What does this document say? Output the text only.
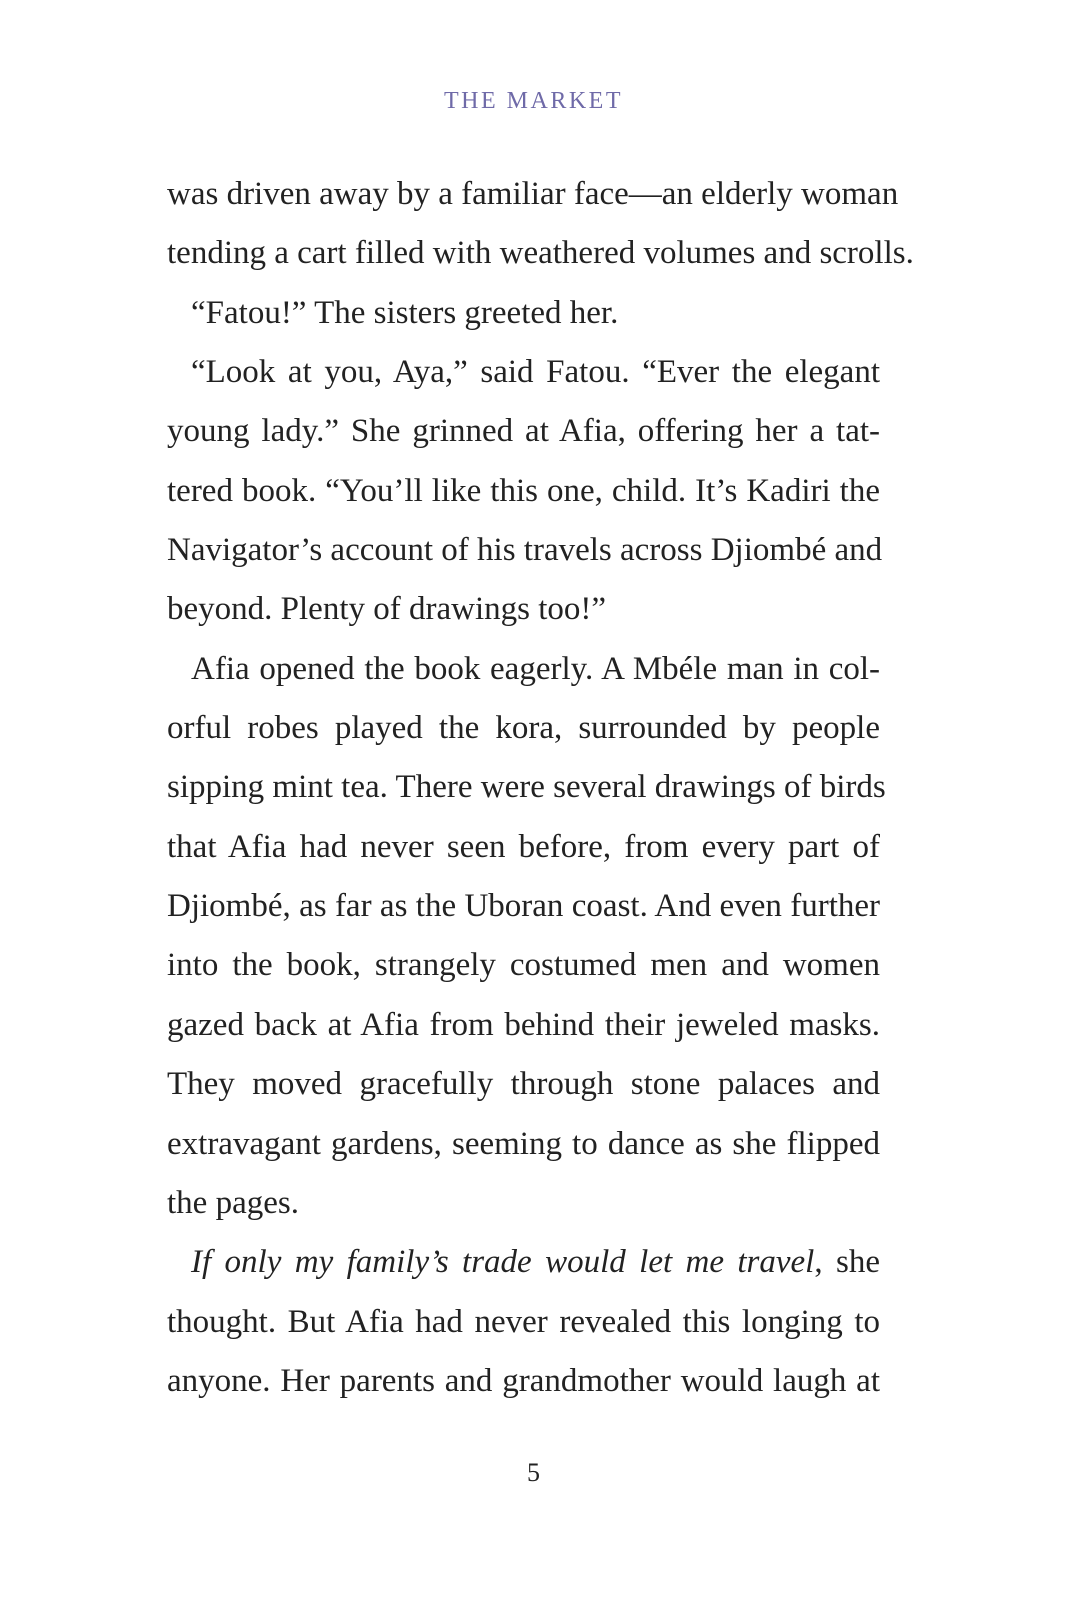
THE MARKET
was driven away by a familiar face—an elderly woman
tending a cart filled with weathered volumes and scrolls.
“Fatou!” The sisters greeted her.
“Look at you, Aya,” said Fatou. “Ever the elegant
young lady.” She grinned at Afia, offering her a tat-
tered book. “You’ll like this one, child. It’s Kadiri the
Navigator’s account of his travels across Djiombé and
beyond. Plenty of drawings too!”
Afia opened the book eagerly. A Mbéle man in col-
orful robes played the kora, surrounded by people
sipping mint tea. There were several drawings of birds
that Afia had never seen before, from every part of
Djiombé, as far as the Uboran coast. And even further
into the book, strangely costumed men and women
gazed back at Afia from behind their jeweled masks.
They moved gracefully through stone palaces and
extravagant gardens, seeming to dance as she flipped
the pages.
If only my family’s trade would let me travel, she
thought. But Afia had never revealed this longing to
anyone. Her parents and grandmother would laugh at
5
